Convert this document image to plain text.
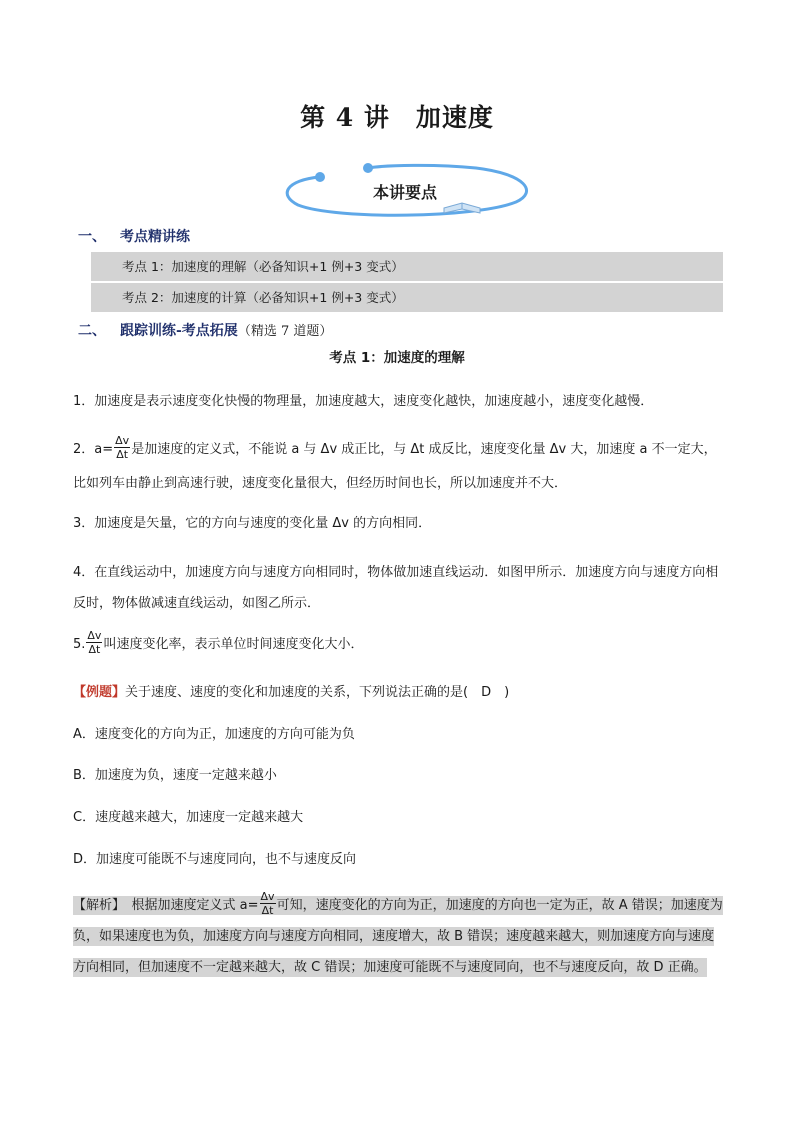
第 4 讲 加速度
本讲要点
一、 考点精讲练
考点 1：加速度的理解（必备知识+1 例+3 变式）
考点 2：加速度的计算（必备知识+1 例+3 变式）
二、 跟踪训练-考点拓展（精选 7 道题）
考点 1：加速度的理解
1．加速度是表示速度变化快慢的物理量，加速度越大，速度变化越快，加速度越小，速度变化越慢．
2．$a= \frac{\Delta v}{\Delta t}$ 是加速度的定义式，不能说 a 与 Δv 成正比，与 Δt 成反比，速度变化量 Δv 大，加速度 a 不一定大，比如列车由静止到高速行驶，速度变化量很大，但经历时间也长，所以加速度并不大．
3．加速度是矢量，它的方向与速度的变化量 Δv 的方向相同．
4．在直线运动中，加速度方向与速度方向相同时，物体做加速直线运动．如图甲所示．加速度方向与速度方向相反时，物体做减速直线运动，如图乙所示．
5. $\frac{\Delta v}{\Delta t}$ 叫速度变化率，表示单位时间速度变化大小．
【例题】关于速度、速度的变化和加速度的关系，下列说法正确的是(　D　)
A．速度变化的方向为正，加速度的方向可能为负
B．加速度为负，速度一定越来越小
C．速度越来越大，加速度一定越来越大
D．加速度可能既不与速度同向，也不与速度反向
【解析】　根据加速度定义式 $a= \frac{\Delta v}{\Delta t}$ 可知，速度变化的方向为正，加速度的方向也一定为正，故 A 错误；加速度为负，如果速度也为负，加速度方向与速度方向相同，速度增大，故 B 错误；速度越来越大，则加速度方向与速度方向相同，但加速度不一定越来越大，故 C 错误；加速度可能既不与速度同向，也不与速度反向，故 D 正确。
